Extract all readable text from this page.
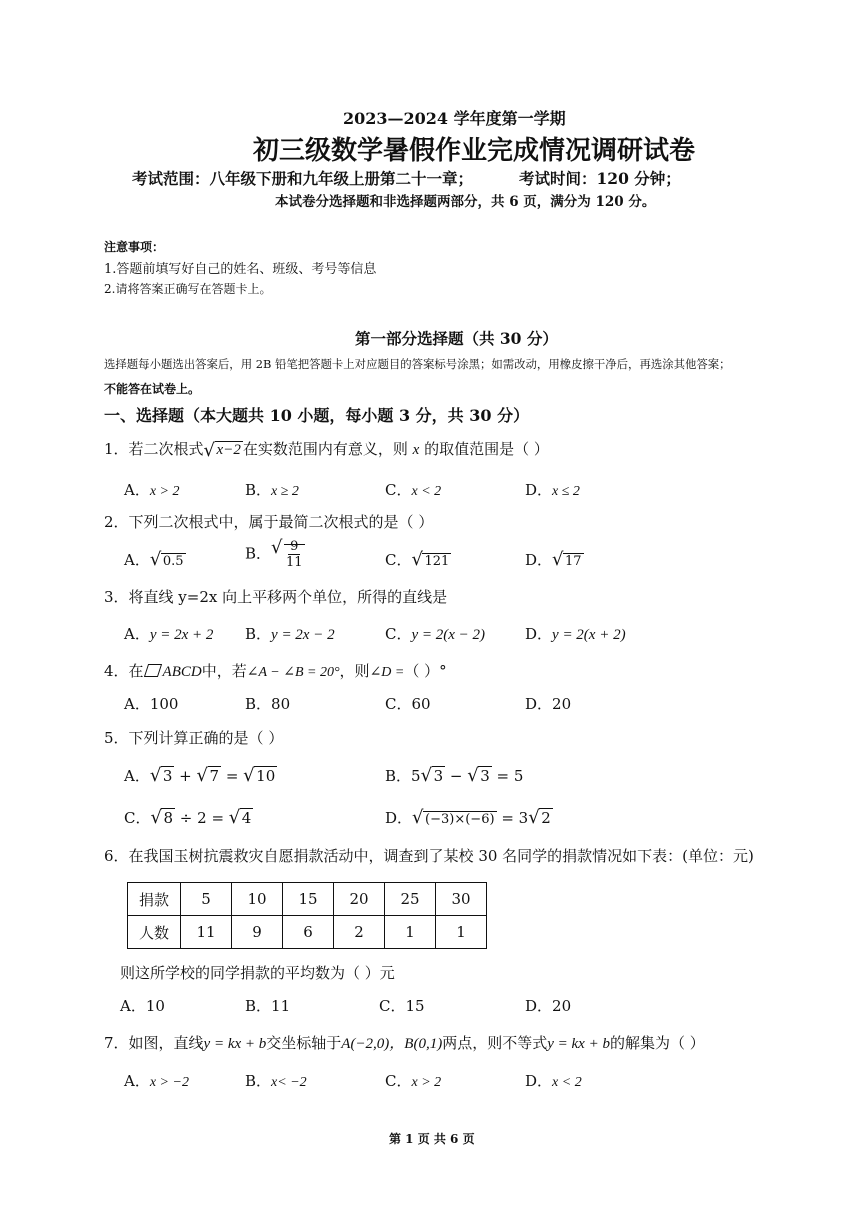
2023—2024 学年度第一学期
初三级数学暑假作业完成情况调研试卷
考试范围：八年级下册和九年级上册第二十一章；	考试时间：120 分钟；
本试卷分选择题和非选择题两部分，共 6 页，满分为 120 分。
注意事项：
1.答题前填写好自己的姓名、班级、考号等信息
2.请将答案正确写在答题卡上。
第一部分选择题（共 30 分）
选择题每小题选出答案后，用 2B 铅笔把答题卡上对应题目的答案标号涂黑；如需改动，用橡皮擦干净后，再选涂其他答案；
不能答在试卷上。
一、选择题（本大题共 10 小题，每小题 3 分，共 30 分）
1．若二次根式 √ x−2 在实数范围内有意义，则 x 的取值范围是（ ）
A．x > 2	B．x ≥ 2	C．x < 2	D．x ≤ 2
2．下列二次根式中，属于最简二次根式的是（ ）
A． √ 0.5	B． √ $\frac{9}{11}$	C． √ 121	D． √ 17
3．将直线 y=2x 向上平移两个单位，所得的直线是
A．y = 2x + 2 B．y = 2x − 2	C．y = 2(x − 2)	D．y = 2(x + 2)
4．在 ABCD中，若∠A − ∠B = 20°，则∠D =（ ）°
A．100	B．80	C．60	D．20
5．下列计算正确的是（ ）
A． √ 3 + √ 7 = √ 10	B．5 √ 3 − √ 3 = 5
C． √ 8 ÷ 2 = √ 4	D． √ (−3)×(−6) = 3 √ 2
6．在我国玉树抗震救灾自愿捐款活动中，调查到了某校 30 名同学的捐款情况如下表：(单位：元)
捐款	5	10	15	20	25	30
人数	11	9	6	2	1	1
则这所学校的同学捐款的平均数为（ ）元
A．10	B．11	C．15	D．20
7．如图，直线y = kx + b交坐标轴于A(−2,0)，B(0,1)两点，则不等式y = kx + b的解集为（ ）
A．x > −2	B．x< −2	C．x > 2	D．x < 2
第 1 页 共 6 页
